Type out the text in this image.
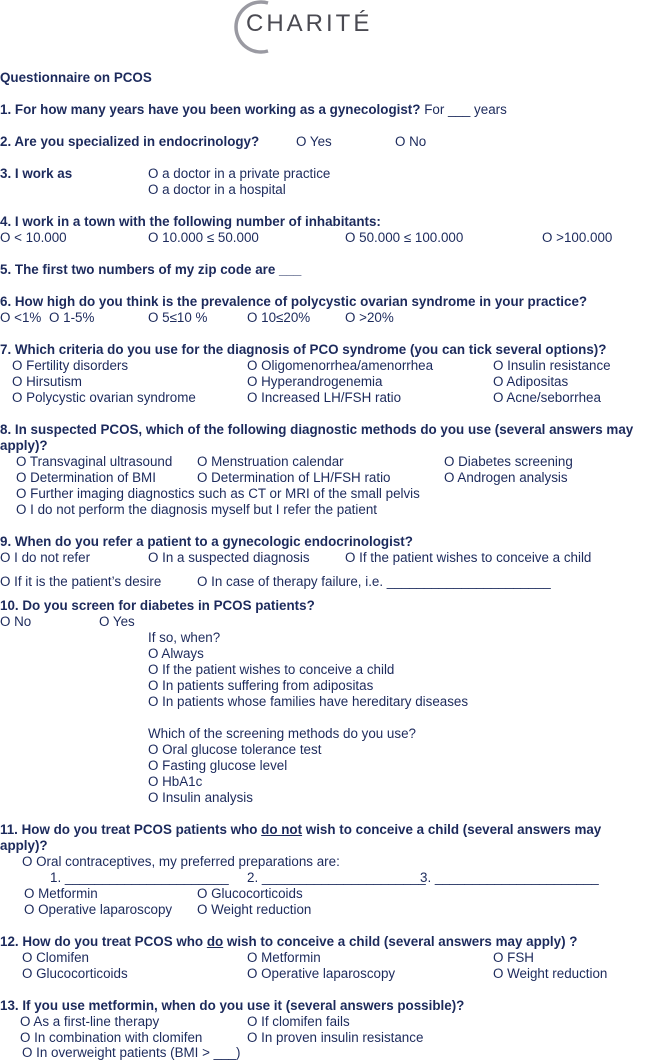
CHARITÉ
Questionnaire on PCOS
1. For how many years have you been working as a gynecologist? For ___ years
2. Are you specialized in endocrinology?	O Yes	O No
3. I work as	O a doctor in a private practice
O a doctor in a hospital
4. I work in a town with the following number of inhabitants:
O < 10.000	O 10.000 ≤ 50.000	O 50.000 ≤ 100.000	O >100.000
5. The first two numbers of my zip code are ___
6. How high do you think is the prevalence of polycystic ovarian syndrome in your practice?
O <1% O 1-5%	O 5≤10 %	O 10≤20%	O >20%
7. Which criteria do you use for the diagnosis of PCO syndrome (you can tick several options)?
O Fertility disorders	O Oligomenorrhea/amenorrhea	O Insulin resistance
O Hirsutism	O Hyperandrogenemia	O Adipositas
O Polycystic ovarian syndrome	O Increased LH/FSH ratio	O Acne/seborrhea
8. In suspected PCOS, which of the following diagnostic methods do you use (several answers may
apply)?
O Transvaginal ultrasound O Menstruation calendar	O Diabetes screening
O Determination of BMI	O Determination of LH/FSH ratio	O Androgen analysis
O Further imaging diagnostics such as CT or MRI of the small pelvis
O I do not perform the diagnosis myself but I refer the patient
9. When do you refer a patient to a gynecologic endocrinologist?
O I do not refer	O In a suspected diagnosis	O If the patient wishes to conceive a child
O If it is the patient’s desire	O In case of therapy failure, i.e. ______________________
10. Do you screen for diabetes in PCOS patients?
O No	O Yes
If so, when?
O Always
O If the patient wishes to conceive a child
O In patients suffering from adipositas
O In patients whose families have hereditary diseases
Which of the screening methods do you use?
O Oral glucose tolerance test
O Fasting glucose level
O HbA1c
O Insulin analysis
11. How do you treat PCOS patients who do not wish to conceive a child (several answers may
apply)?
O Oral contraceptives, my preferred preparations are:
1. ______________________ 2. ______________________
3. ______________________
O Metformin	O Glucocorticoids
O Operative laparoscopy O Weight reduction
12. How do you treat PCOS who do wish to conceive a child (several answers may apply) ?
O Clomifen	O Metformin	O FSH
O Glucocorticoids	O Operative laparoscopy	O Weight reduction
13. If you use metformin, when do you use it (several answers possible)?
O As a first-line therapy	O If clomifen fails
O In combination with clomifen	O In proven insulin resistance
O In overweight patients (BMI > ___)
